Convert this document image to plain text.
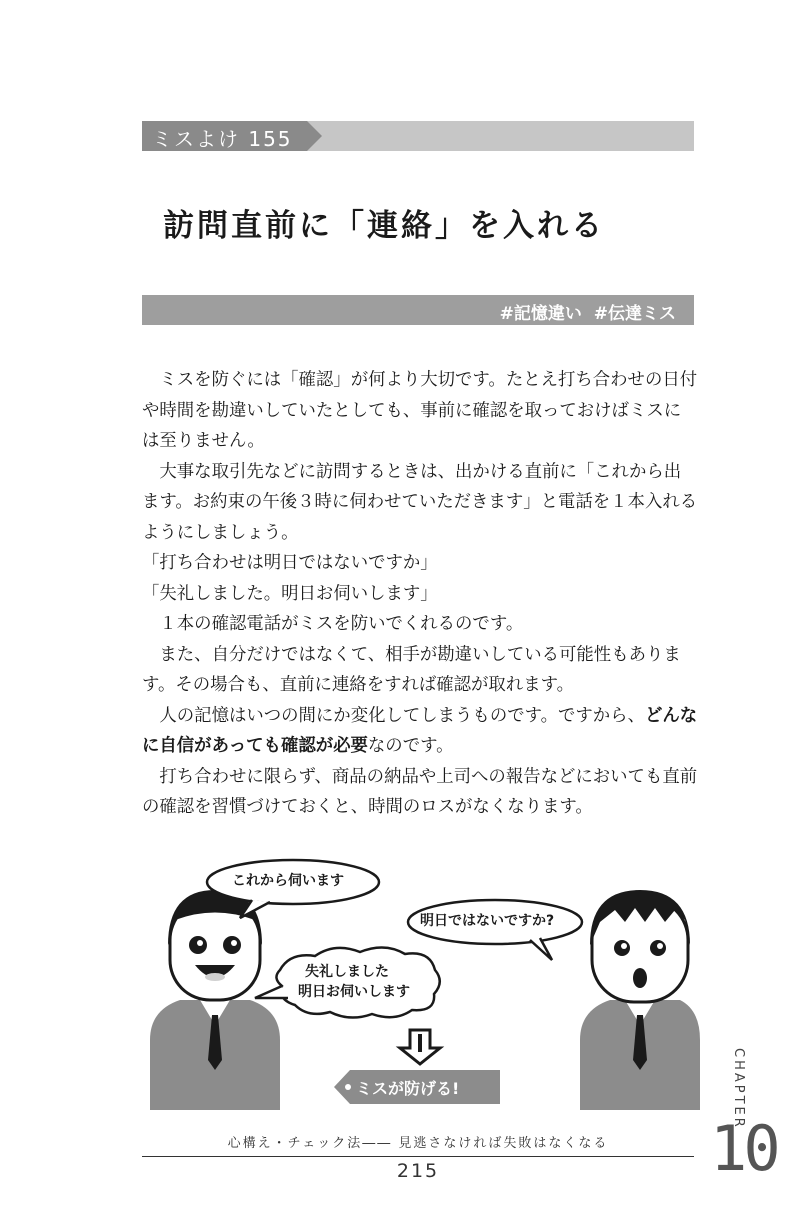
ミスよけ 155
訪問直前に「連絡」を入れる
#記憶違い #伝達ミス

ミスを防ぐには「確認」が何より大切です。たとえ打ち合わせの日付や時間を勘違いしていたとしても、事前に確認を取っておけばミスには至りません。

大事な取引先などに訪問するときは、出かける直前に「これから出ます。お約束の午後３時に伺わせていただきます」と電話を１本入れるようにしましょう。

「打ち合わせは明日ではないですか」

「失礼しました。明日お伺いします」

１本の確認電話がミスを防いでくれるのです。

また、自分だけではなくて、相手が勘違いしている可能性もあります。その場合も、直前に連絡をすれば確認が取れます。

人の記憶はいつの間にか変化してしまうものです。ですから、どんなに自信があっても確認が必要なのです。

打ち合わせに限らず、商品の納品や上司への報告などにおいても直前の確認を習慣づけておくと、時間のロスがなくなります。

これから伺います
明日ではないですか?
失礼しました
明日お伺いします
ミスが防げる!
心構え・チェック法―― 見逃さなければ失敗はなくなる
215
CHAPTER
10
